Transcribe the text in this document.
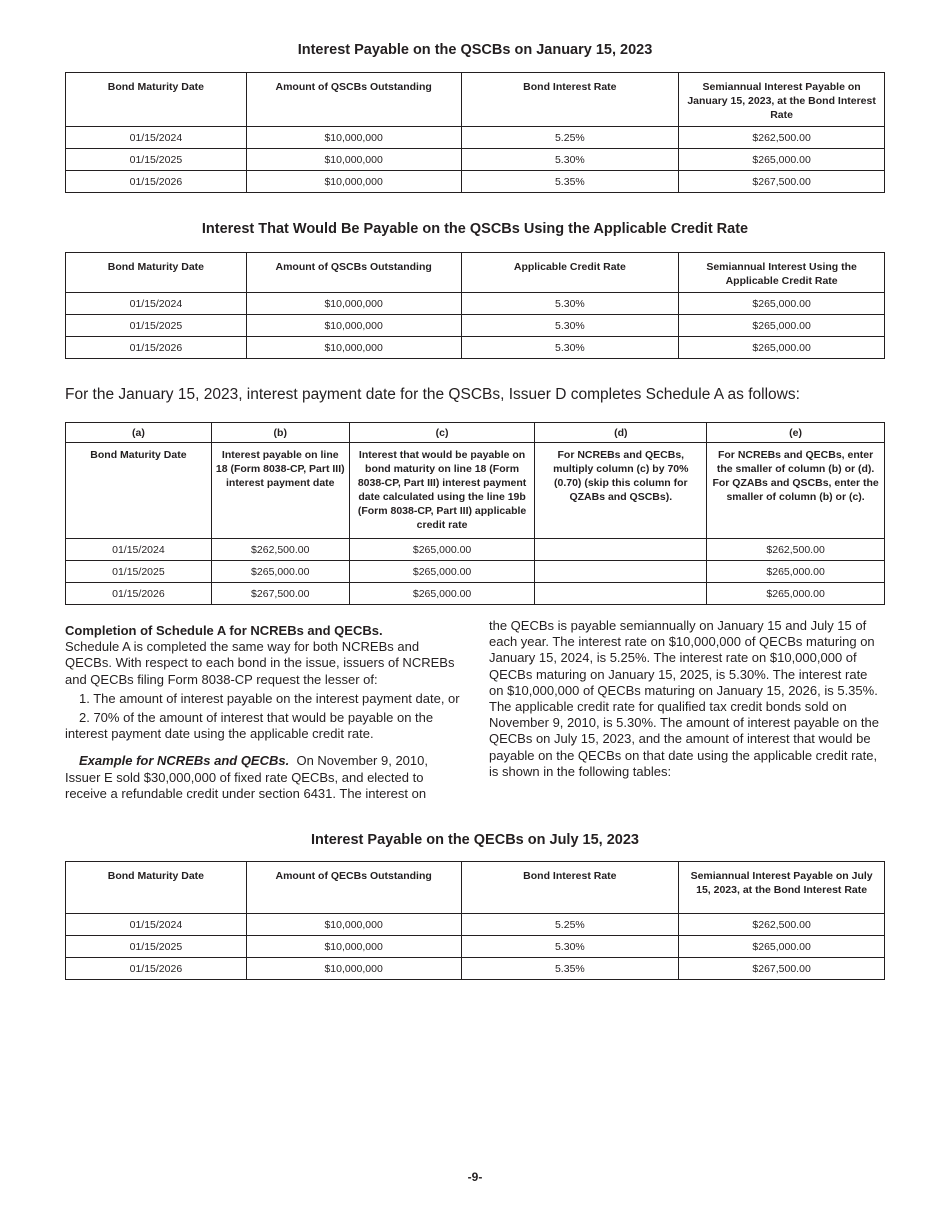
Interest Payable on the QSCBs on January 15, 2023
Bond Maturity Date	Amount of QSCBs Outstanding	Bond Interest Rate	Semiannual Interest Payable on January 15, 2023, at the Bond Interest Rate
01/15/2024	$10,000,000	5.25%	$262,500.00
01/15/2025	$10,000,000	5.30%	$265,000.00
01/15/2026	$10,000,000	5.35%	$267,500.00
Interest That Would Be Payable on the QSCBs Using the Applicable Credit Rate
Bond Maturity Date	Amount of QSCBs Outstanding	Applicable Credit Rate	Semiannual Interest Using the Applicable Credit Rate
01/15/2024	$10,000,000	5.30%	$265,000.00
01/15/2025	$10,000,000	5.30%	$265,000.00
01/15/2026	$10,000,000	5.30%	$265,000.00
For the January 15, 2023, interest payment date for the QSCBs, Issuer D completes Schedule A as follows:
(a)	(b)	(c)	(d)	(e)
Bond Maturity Date	Interest payable on line 18 (Form 8038-CP, Part III) interest payment date	Interest that would be payable on bond maturity on line 18 (Form 8038-CP, Part III) interest payment date calculated using the line 19b (Form 8038-CP, Part III) applicable credit rate	For NCREBs and QECBs, multiply column (c) by 70% (0.70) (skip this column for QZABs and QSCBs).	For NCREBs and QECBs, enter the smaller of column (b) or (d). For QZABs and QSCBs, enter the smaller of column (b) or (c).
01/15/2024	$262,500.00	$265,000.00		$262,500.00
01/15/2025	$265,000.00	$265,000.00		$265,000.00
01/15/2026	$267,500.00	$265,000.00		$265,000.00

Completion of Schedule A for NCREBs and QECBs.

Schedule A is completed the same way for both NCREBs and QECBs. With respect to each bond in the issue, issuers of NCREBs and QECBs filing Form 8038-CP request the lesser of:

1. The amount of interest payable on the interest payment date, or

2. 70% of the amount of interest that would be payable on the interest payment date using the applicable credit rate.

Example for NCREBs and QECBs. On November 9, 2010, Issuer E sold $30,000,000 of fixed rate QECBs, and elected to receive a refundable credit under section 6431. The interest on

the QECBs is payable semiannually on January 15 and July 15 of each year. The interest rate on $10,000,000 of QECBs maturing on January 15, 2024, is 5.25%. The interest rate on $10,000,000 of QECBs maturing on January 15, 2025, is 5.30%. The interest rate on $10,000,000 of QECBs maturing on January 15, 2026, is 5.35%. The applicable credit rate for qualified tax credit bonds sold on November 9, 2010, is 5.30%. The amount of interest payable on the QECBs on July 15, 2023, and the amount of interest that would be payable on the QECBs on that date using the applicable credit rate, is shown in the following tables:

Interest Payable on the QECBs on July 15, 2023
Bond Maturity Date	Amount of QECBs Outstanding	Bond Interest Rate	Semiannual Interest Payable on July 15, 2023, at the Bond Interest Rate
01/15/2024	$10,000,000	5.25%	$262,500.00
01/15/2025	$10,000,000	5.30%	$265,000.00
01/15/2026	$10,000,000	5.35%	$267,500.00
-9-
